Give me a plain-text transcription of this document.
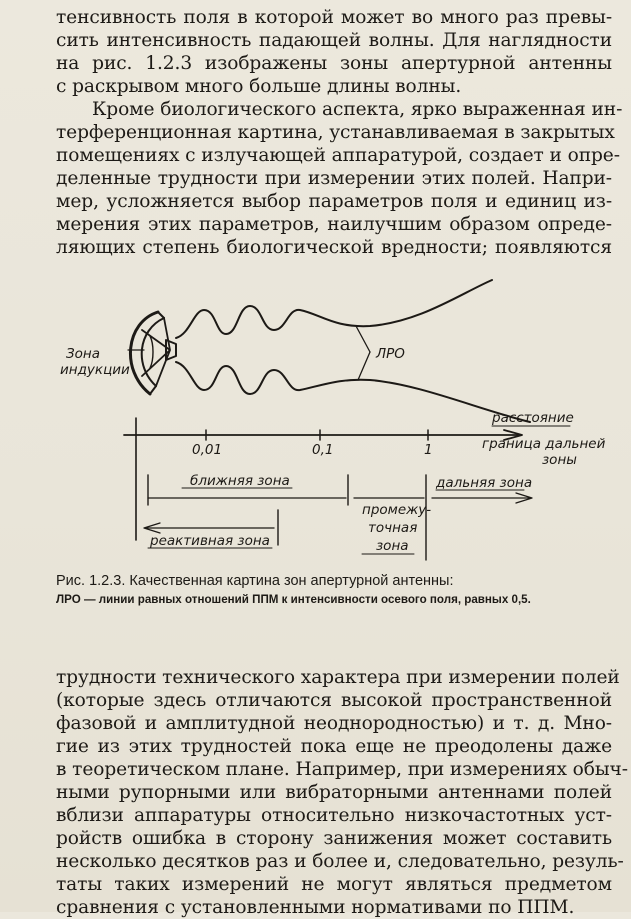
тенсивность поля в которой может во много раз превы-
сить интенсивность падающей волны. Для наглядности
на рис. 1.2.3 изображены зоны апертурной антенны
с раскрывом много больше длины волны.
Кроме биологического аспекта, ярко выраженная ин-
терференционная картина, устанавливаемая в закрытых
помещениях с излучающей аппаратурой, создает и опре-
деленные трудности при измерении этих полей. Напри-
мер, усложняется выбор параметров поля и единиц из-
мерения этих параметров, наилучшим образом опреде-
ляющих степень биологической вредности; появляются
Зона
индукции
ЛРО
расстояние
граница дальней
зоны
0,01	0,1	1
ближняя зона
промежу-
точная
зона
дальняя зона
реактивная зона
Рис. 1.2.3. Качественная картина зон апертурной антенны:
ЛРО — линии равных отношений ППМ к интенсивности осевого поля, равных 0,5.
трудности технического характера при измерении полей
(которые здесь отличаются высокой пространственной
фазовой и амплитудной неоднородностью) и т. д. Мно-
гие из этих трудностей пока еще не преодолены даже
в теоретическом плане. Например, при измерениях обыч-
ными рупорными или вибраторными антеннами полей
вблизи аппаратуры относительно низкочастотных уст-
ройств ошибка в сторону занижения может составить
несколько десятков раз и более и, следовательно, резуль-
таты таких измерений не могут являться предметом
сравнения с установленными нормативами по ППМ.
